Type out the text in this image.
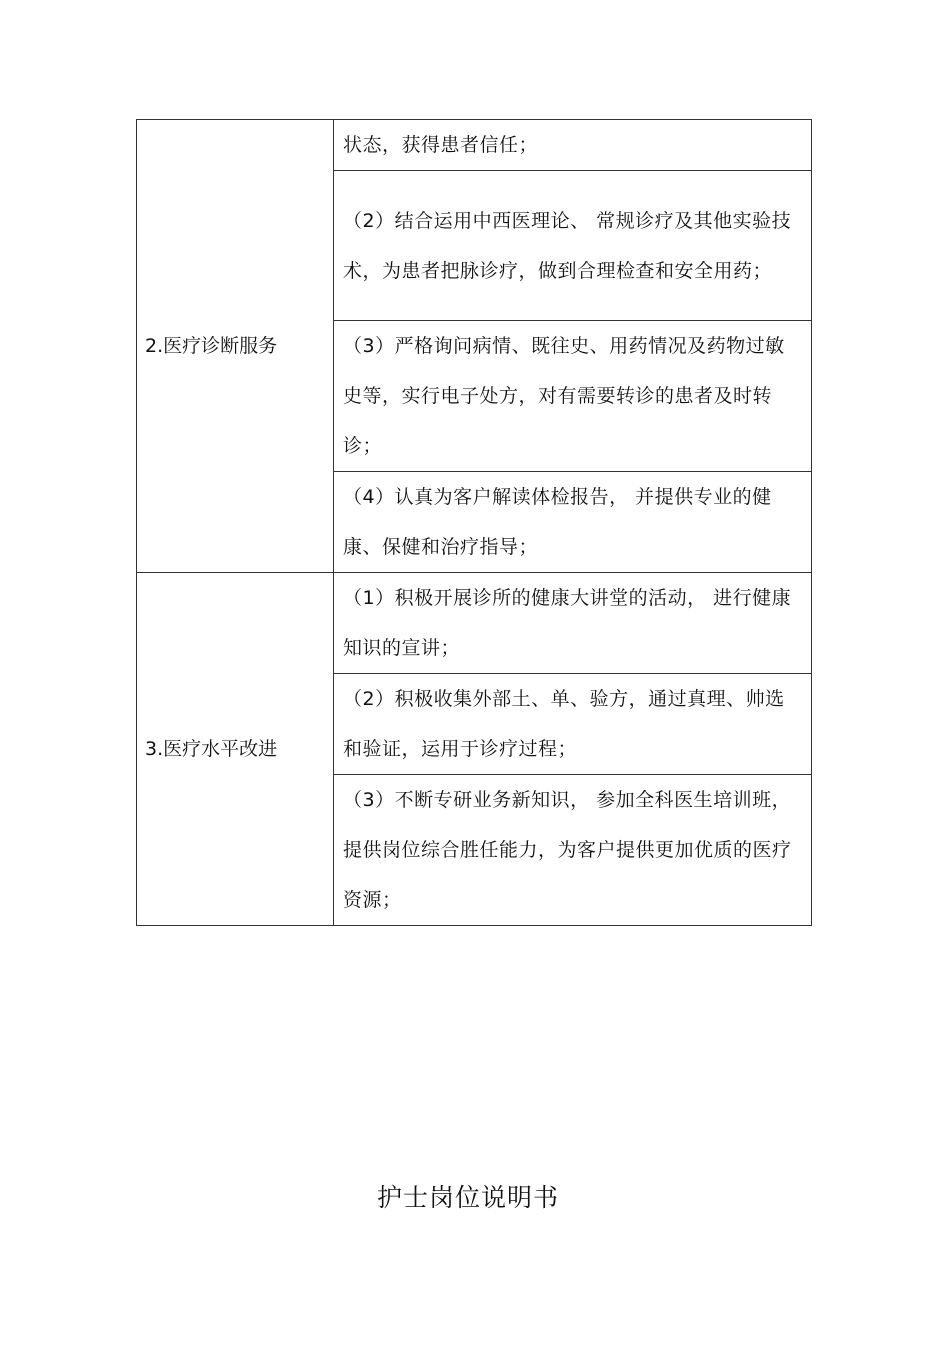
2.医疗诊断服务	状态，获得患者信任；

	（2）结合运用中西医理论、 常规诊疗及其他实验技术，为患者把脉诊疗，做到合理检查和安全用药；

	（3）严格询问病情、既往史、用药情况及药物过敏史等，实行电子处方，对有需要转诊的患者及时转诊；

	（4）认真为客户解读体检报告， 并提供专业的健康、保健和治疗指导；

3.医疗水平改进	（1）积极开展诊所的健康大讲堂的活动， 进行健康知识的宣讲；

	（2）积极收集外部土、单、验方，通过真理、帅选和验证，运用于诊疗过程；

	（3）不断专研业务新知识， 参加全科医生培训班，提供岗位综合胜任能力，为客户提供更加优质的医疗资源；
护士岗位说明书
